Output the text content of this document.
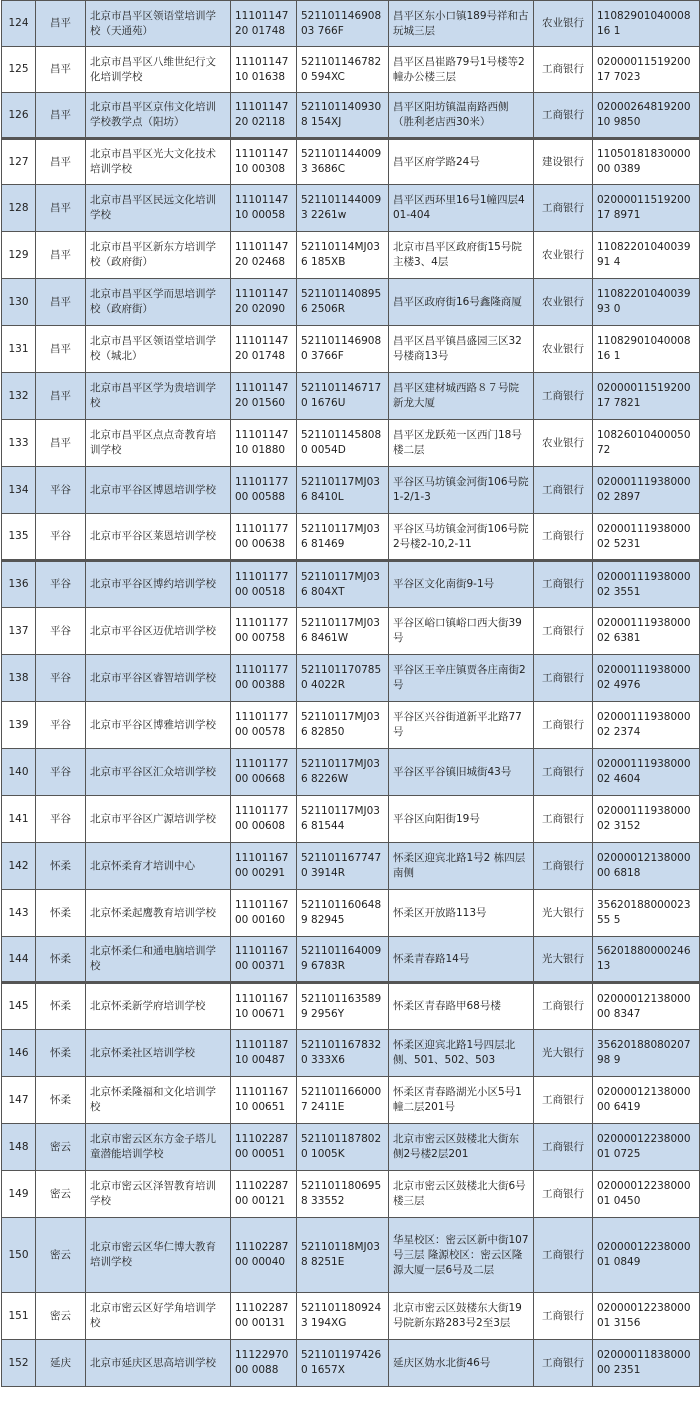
124	昌平	北京市昌平区领语堂培训学校（天通苑）	1110114720 01748	52110114690803 766F	昌平区东小口镇189号祥和古玩城三层	农业银行	1108290104000816 1
125	昌平	北京市昌平区八维世纪行文化培训学校	1110114710 01638	5211011467820 594XC	昌平区昌崔路79号1号楼等2幢办公楼三层	工商银行	0200001151920017 7023
126	昌平	北京市昌平区京伟文化培训学校教学点（阳坊）	1110114720 02118	5211011409308 154XJ	昌平区阳坊镇温南路西侧（胜利老店西30米）	工商银行	0200026481920010 9850
127	昌平	北京市昌平区光大文化技术培训学校	1110114710 00308	5211011440093 3686C	昌平区府学路24号	建设银行	1105018183000000 0389
128	昌平	北京市昌平区民远文化培训学校	1110114710 00058	5211011440093 2261w	昌平区西环里16号1幢四层401-404	工商银行	0200001151920017 8971
129	昌平	北京市昌平区新东方培训学校（政府街）	1110114720 02468	52110114MJ036 185XB	北京市昌平区政府街15号院主楼3、4层	农业银行	1108220104003991 4
130	昌平	北京市昌平区学而思培训学校（政府街）	1110114720 02090	5211011408956 2506R	昌平区政府街16号鑫隆商厦	农业银行	1108220104003993 0
131	昌平	北京市昌平区领语堂培训学校（城北）	1110114720 01748	5211011469080 3766F	昌平区昌平镇昌盛园三区32号楼商13号	农业银行	1108290104000816 1
132	昌平	北京市昌平区学为贵培训学校	1110114720 01560	5211011467170 1676U	昌平区建材城西路８７号院新龙大厦	工商银行	0200001151920017 7821
133	昌平	北京市昌平区点点奇教育培训学校	1110114710 01880	5211011458080 0054D	昌平区龙跃苑一区西门18号楼二层	农业银行	1082601040005072
134	平谷	北京市平谷区博恩培训学校	1110117700 00588	52110117MJ036 8410L	平谷区马坊镇金河街106号院1-2/1-3	工商银行	0200011193800002 2897
135	平谷	北京市平谷区莱恩培训学校	1110117700 00638	52110117MJ036 81469	平谷区马坊镇金河街106号院2号楼2-10,2-11	工商银行	0200011193800002 5231
136	平谷	北京市平谷区博约培训学校	1110117700 00518	52110117MJ036 804XT	平谷区文化南街9-1号	工商银行	0200011193800002 3551
137	平谷	北京市平谷区迈优培训学校	1110117700 00758	52110117MJ036 8461W	平谷区峪口镇峪口西大街39号	工商银行	0200011193800002 6381
138	平谷	北京市平谷区睿智培训学校	1110117700 00388	5211011707850 4022R	平谷区王辛庄镇贾各庄南街2号	工商银行	0200011193800002 4976
139	平谷	北京市平谷区博雅培训学校	1110117700 00578	52110117MJ036 82850	平谷区兴谷街道新平北路77号	工商银行	0200011193800002 2374
140	平谷	北京市平谷区汇众培训学校	1110117700 00668	52110117MJ036 8226W	平谷区平谷镇旧城街43号	工商银行	0200011193800002 4604
141	平谷	北京市平谷区广源培训学校	1110117700 00608	52110117MJ036 81544	平谷区向阳街19号	工商银行	0200011193800002 3152
142	怀柔	北京怀柔育才培训中心	1110116700 00291	5211011677470 3914R	怀柔区迎宾北路1号2 栋四层南侧	工商银行	0200001213800000 6818
143	怀柔	北京怀柔起鹰教育培训学校	1110116700 00160	5211011606489 82945	怀柔区开放路113号	光大银行	3562018800002355 5
144	怀柔	北京怀柔仁和通电脑培训学校	1110116700 00371	5211011640099 6783R	怀柔青春路14号	光大银行	5620188000024613
145	怀柔	北京怀柔新学府培训学校	1110116710 00671	5211011635899 2956Y	怀柔区青春路甲68号楼	工商银行	0200001213800000 8347
146	怀柔	北京怀柔社区培训学校	1110118710 00487	5211011678320 333X6	怀柔区迎宾北路1号四层北侧、501、502、503	光大银行	3562018808020798 9
147	怀柔	北京怀柔隆福和文化培训学校	1110116710 00651	5211011660007 2411E	怀柔区青春路湖光小区5号1幢二层201号	工商银行	0200001213800000 6419
148	密云	北京市密云区东方金子塔儿童潜能培训学校	1110228700 00051	5211011878020 1005K	北京市密云区鼓楼北大街东侧2号楼2层201	工商银行	0200001223800001 0725
149	密云	北京市密云区泽智教育培训学校	1110228700 00121	5211011806958 33552	北京市密云区鼓楼北大街6号楼三层	工商银行	0200001223800001 0450
150	密云	北京市密云区华仁博大教育培训学校	1110228700 00040	52110118MJ038 8251E	华星校区：密云区新中街107号三层 隆源校区：密云区隆源大厦一层6号及二层	工商银行	0200001223800001 0849
151	密云	北京市密云区好学角培训学校	1110228700 00131	5211011809243 194XG	北京市密云区鼓楼东大街19号院新东路283号2至3层	工商银行	0200001223800001 3156
152	延庆	北京市延庆区思高培训学校	1112297000 0088	5211011974260 1657X	延庆区妫水北街46号	工商银行	0200001183800000 2351
